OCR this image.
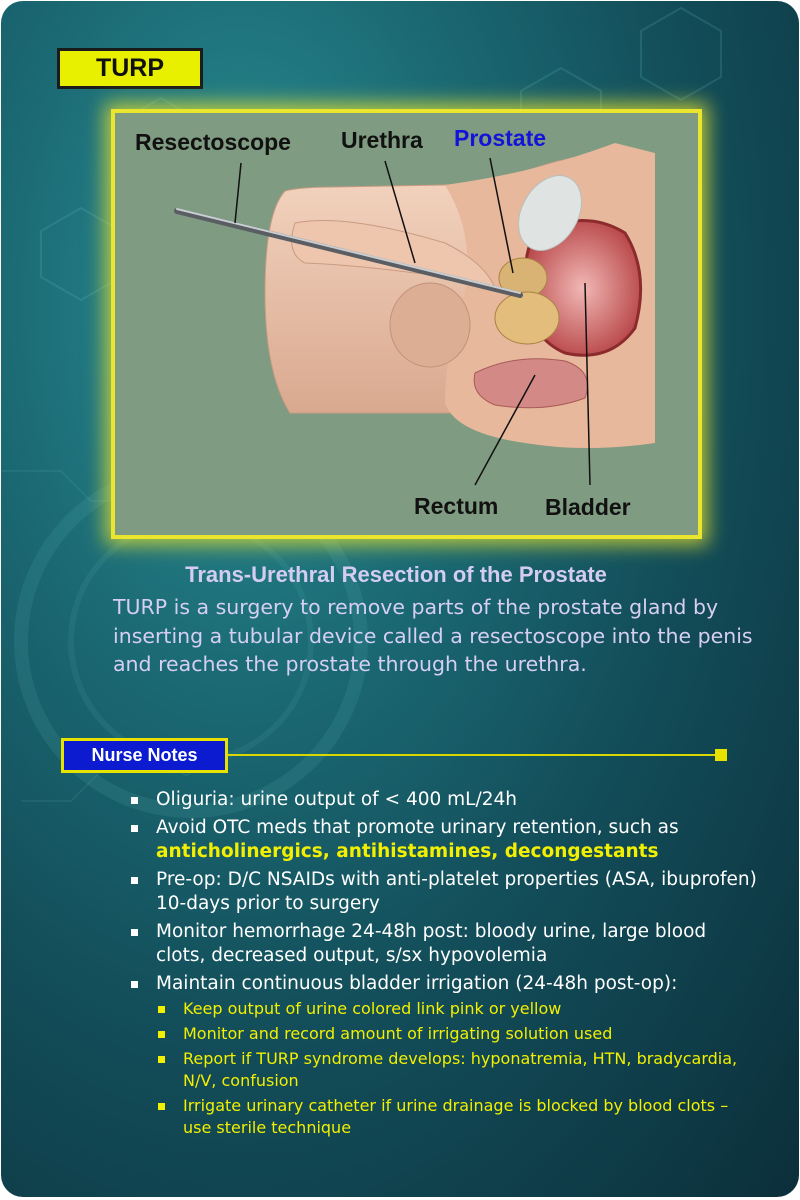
TURP
Resectoscope Urethra Prostate
Rectum Bladder
Trans-Urethral Resection of the Prostate
TURP is a surgery to remove parts of the prostate gland by inserting a tubular device called a resectoscope into the penis and reaches the prostate through the urethra.
Nurse Notes
Oliguria: urine output of < 400 mL/24h
Avoid OTC meds that promote urinary retention, such as
anticholinergics, antihistamines, decongestants
Pre-op: D/C NSAIDs with anti-platelet properties (ASA, ibuprofen) 10-days prior to surgery
Monitor hemorrhage 24-48h post: bloody urine, large blood clots, decreased output, s/sx hypovolemia
Maintain continuous bladder irrigation (24-48h post-op):
Keep output of urine colored link pink or yellow
Monitor and record amount of irrigating solution used
Report if TURP syndrome develops: hyponatremia, HTN, bradycardia, N/V, confusion
Irrigate urinary catheter if urine drainage is blocked by blood clots – use sterile technique
